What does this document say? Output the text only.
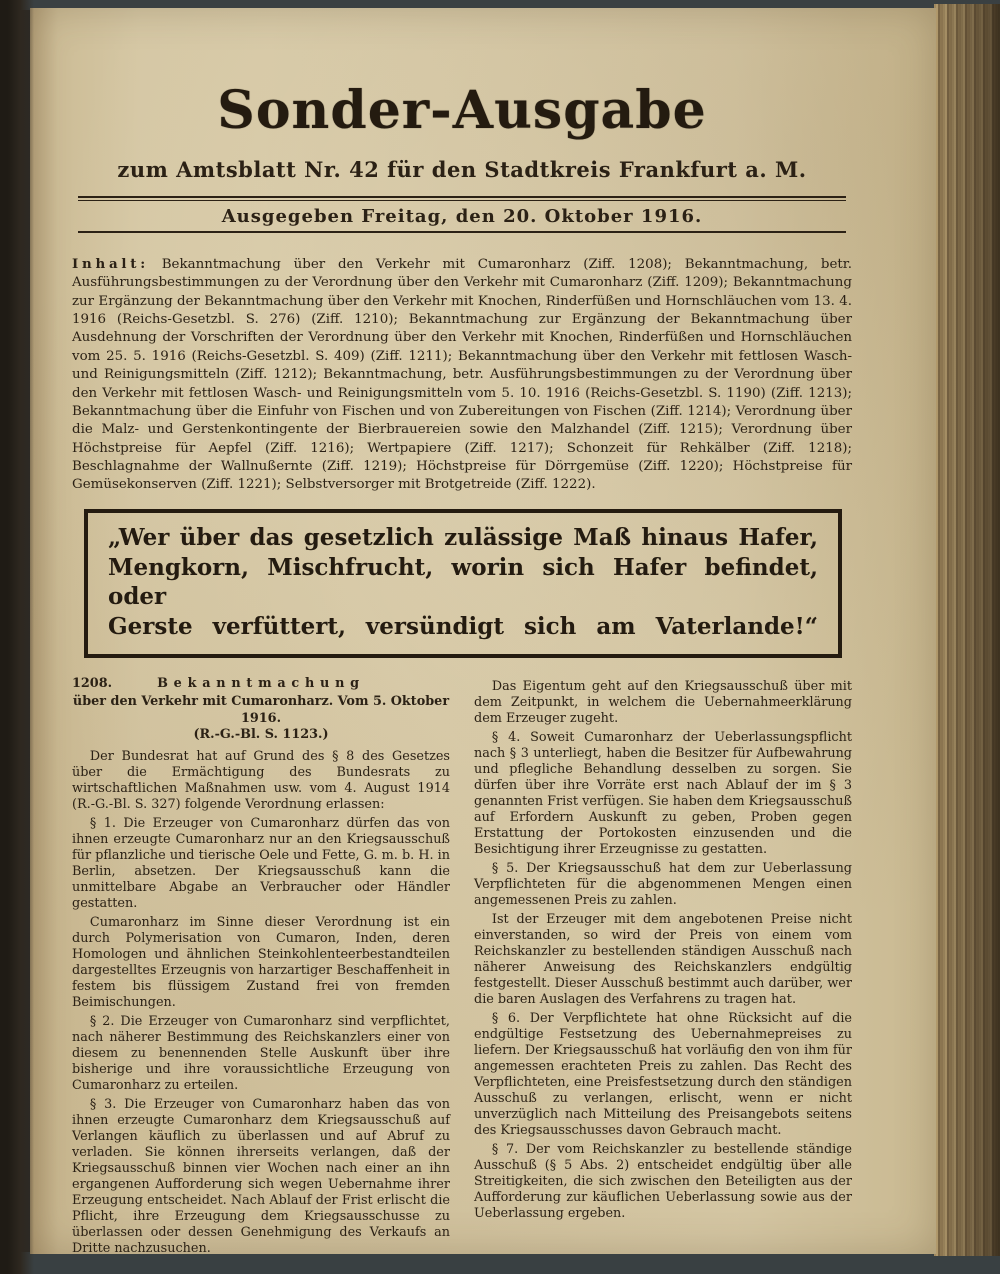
Sonder-Ausgabe
zum Amtsblatt Nr. 42 für den Stadtkreis Frankfurt a. M.
Ausgegeben Freitag, den 20. Oktober 1916.

Inhalt: Bekanntmachung über den Verkehr mit Cumaronharz (Ziff. 1208); Bekanntmachung, betr. Ausführungsbestimmungen zu der Verordnung über den Verkehr mit Cumaronharz (Ziff. 1209); Bekanntmachung zur Ergänzung der Bekanntmachung über den Verkehr mit Knochen, Rinderfüßen und Hornschläuchen vom 13. 4. 1916 (Reichs-Gesetzbl. S. 276) (Ziff. 1210); Bekanntmachung zur Ergänzung der Bekanntmachung über Ausdehnung der Vorschriften der Verordnung über den Verkehr mit Knochen, Rinderfüßen und Hornschläuchen vom 25. 5. 1916 (Reichs-Gesetzbl. S. 409) (Ziff. 1211); Bekanntmachung über den Verkehr mit fettlosen Wasch- und Reinigungsmitteln (Ziff. 1212); Bekanntmachung, betr. Ausführungsbestimmungen zu der Verordnung über den Verkehr mit fettlosen Wasch- und Reinigungsmitteln vom 5. 10. 1916 (Reichs-Gesetzbl. S. 1190) (Ziff. 1213); Bekanntmachung über die Einfuhr von Fischen und von Zubereitungen von Fischen (Ziff. 1214); Verordnung über die Malz- und Gerstenkontingente der Bierbrauereien sowie den Malzhandel (Ziff. 1215); Verordnung über Höchstpreise für Aepfel (Ziff. 1216); Wertpapiere (Ziff. 1217); Schonzeit für Rehkälber (Ziff. 1218); Beschlagnahme der Wallnußernte (Ziff. 1219); Höchstpreise für Dörrgemüse (Ziff. 1220); Höchstpreise für Gemüsekonserven (Ziff. 1221); Selbstversorger mit Brotgetreide (Ziff. 1222).

„Wer über das gesetzlich zulässige Maß hinaus Hafer,
Mengkorn, Mischfrucht, worin sich Hafer befindet, oder
Gerste verfüttert, versündigt sich am Vaterlande!“
1208.	Bekanntmachung
über den Verkehr mit Cumaronharz. Vom 5. Oktober 1916.
(R.-G.-Bl. S. 1123.)

Der Bundesrat hat auf Grund des § 8 des Gesetzes über die Ermächtigung des Bundesrats zu wirtschaftlichen Maßnahmen usw. vom 4. August 1914 (R.-G.-Bl. S. 327) folgende Verordnung erlassen:

§ 1. Die Erzeuger von Cumaronharz dürfen das von ihnen erzeugte Cumaronharz nur an den Kriegsausschuß für pflanzliche und tierische Oele und Fette, G. m. b. H. in Berlin, absetzen. Der Kriegsausschuß kann die unmittelbare Abgabe an Verbraucher oder Händler gestatten.

Cumaronharz im Sinne dieser Verordnung ist ein durch Polymerisation von Cumaron, Inden, deren Homologen und ähnlichen Steinkohlenteerbestandteilen dargestelltes Erzeugnis von harzartiger Beschaffenheit in festem bis flüssigem Zustand frei von fremden Beimischungen.

§ 2. Die Erzeuger von Cumaronharz sind verpflichtet, nach näherer Bestimmung des Reichskanzlers einer von diesem zu benennenden Stelle Auskunft über ihre bisherige und ihre voraussichtliche Erzeugung von Cumaronharz zu erteilen.

§ 3. Die Erzeuger von Cumaronharz haben das von ihnen erzeugte Cumaronharz dem Kriegsausschuß auf Verlangen käuflich zu überlassen und auf Abruf zu verladen. Sie können ihrerseits verlangen, daß der Kriegsausschuß binnen vier Wochen nach einer an ihn ergangenen Aufforderung sich wegen Uebernahme ihrer Erzeugung entscheidet. Nach Ablauf der Frist erlischt die Pflicht, ihre Erzeugung dem Kriegsausschusse zu überlassen oder dessen Genehmigung des Verkaufs an Dritte nachzusuchen.

Das Eigentum geht auf den Kriegsausschuß über mit dem Zeitpunkt, in welchem die Uebernahmeerklärung dem Erzeuger zugeht.

§ 4. Soweit Cumaronharz der Ueberlassungspflicht nach § 3 unterliegt, haben die Besitzer für Aufbewahrung und pflegliche Behandlung desselben zu sorgen. Sie dürfen über ihre Vorräte erst nach Ablauf der im § 3 genannten Frist verfügen. Sie haben dem Kriegsausschuß auf Erfordern Auskunft zu geben, Proben gegen Erstattung der Portokosten einzusenden und die Besichtigung ihrer Erzeugnisse zu gestatten.

§ 5. Der Kriegsausschuß hat dem zur Ueberlassung Verpflichteten für die abgenommenen Mengen einen angemessenen Preis zu zahlen.

Ist der Erzeuger mit dem angebotenen Preise nicht einverstanden, so wird der Preis von einem vom Reichskanzler zu bestellenden ständigen Ausschuß nach näherer Anweisung des Reichskanzlers endgültig festgestellt. Dieser Ausschuß bestimmt auch darüber, wer die baren Auslagen des Verfahrens zu tragen hat.

§ 6. Der Verpflichtete hat ohne Rücksicht auf die endgültige Festsetzung des Uebernahmepreises zu liefern. Der Kriegsausschuß hat vorläufig den von ihm für angemessen erachteten Preis zu zahlen. Das Recht des Verpflichteten, eine Preisfestsetzung durch den ständigen Ausschuß zu verlangen, erlischt, wenn er nicht unverzüglich nach Mitteilung des Preisangebots seitens des Kriegsausschusses davon Gebrauch macht.

§ 7. Der vom Reichskanzler zu bestellende ständige Ausschuß (§ 5 Abs. 2) entscheidet endgültig über alle Streitigkeiten, die sich zwischen den Beteiligten aus der Aufforderung zur käuflichen Ueberlassung sowie aus der Ueberlassung ergeben.
